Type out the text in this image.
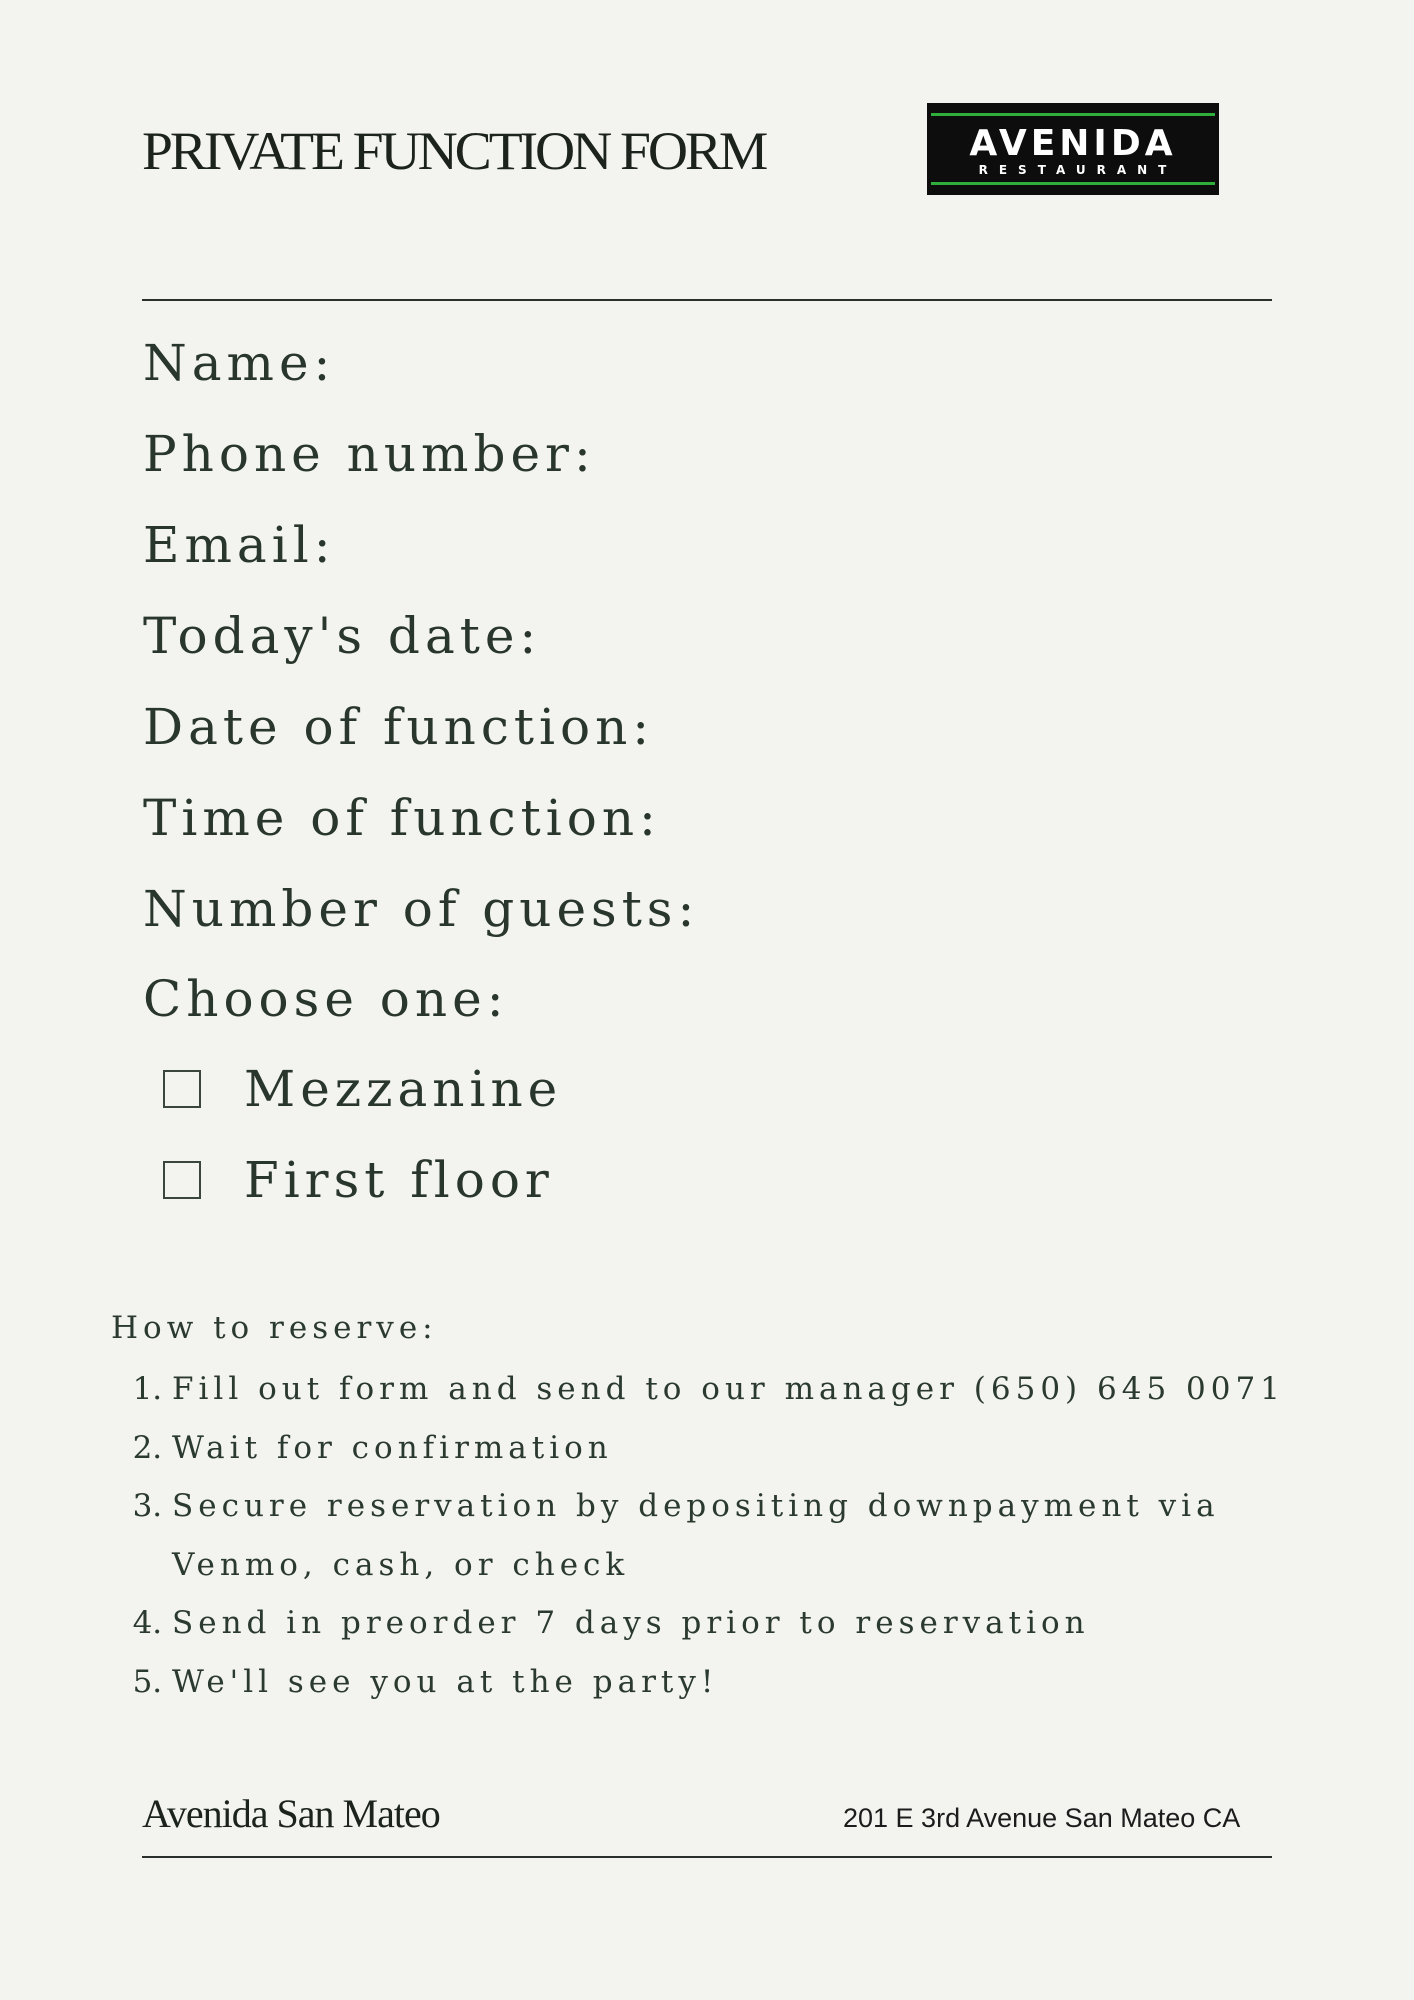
PRIVATE FUNCTION FORM	AVENIDA
RESTAURANT
Name:
Phone number:
Email:
Today's date:
Date of function:
Time of function:
Number of guests:
Choose one:
Mezzanine
First floor
How to reserve:
1. Fill out form and send to our manager (650) 645 0071
2. Wait for confirmation
3. Secure reservation by depositing downpayment via Venmo, cash, or check
4. Send in preorder 7 days prior to reservation
5. We'll see you at the party!
Avenida San Mateo	201 E 3rd Avenue San Mateo CA
